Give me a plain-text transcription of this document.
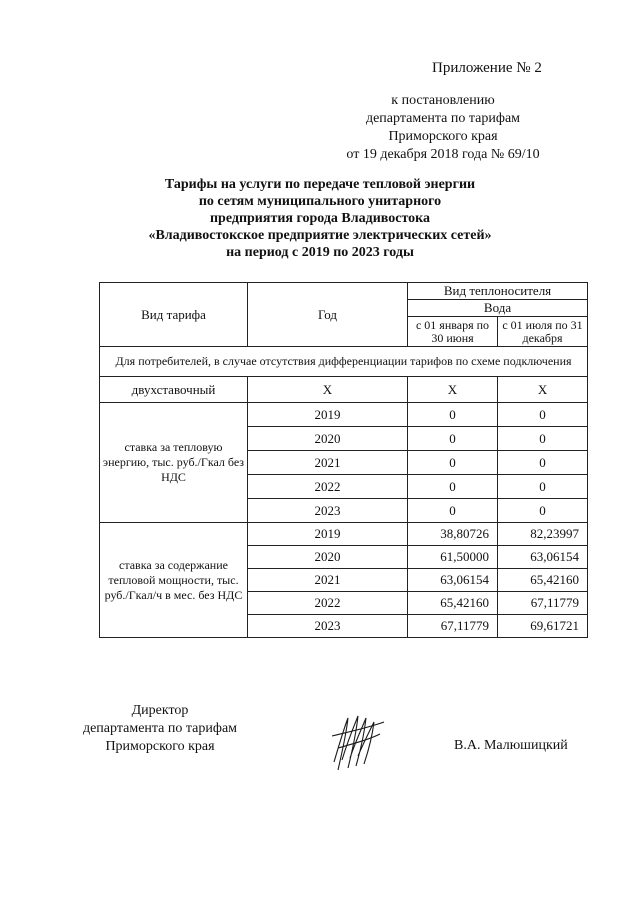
Приложение № 2
к постановлению
департамента по тарифам
Приморского края
от 19 декабря 2018 года № 69/10
Тарифы на услуги по передаче тепловой энергии
по сетям муниципального унитарного
предприятия города Владивостока
«Владивостокское предприятие электрических сетей»
на период с 2019 по 2023 годы
Вид тарифа	Год	Вид теплоносителя	
		Вода	
		с 01 января по 30 июня	с 01 июля по 31 декабря
Для потребителей, в случае отсутствия дифференциации тарифов по схеме подключения			
двухставочный	Х	Х	Х
ставка за тепловую энергию, тыс. руб./Гкал без НДС	2019	0	0
	2020	0	0
	2021	0	0
	2022	0	0
	2023	0	0
ставка за содержание тепловой мощности, тыс. руб./Гкал/ч в мес. без НДС	2019	38,80726	82,23997
	2020	61,50000	63,06154
	2021	63,06154	65,42160
	2022	65,42160	67,11779
	2023	67,11779	69,61721
Директор
департамента по тарифам
Приморского края	В.А. Малюшицкий
